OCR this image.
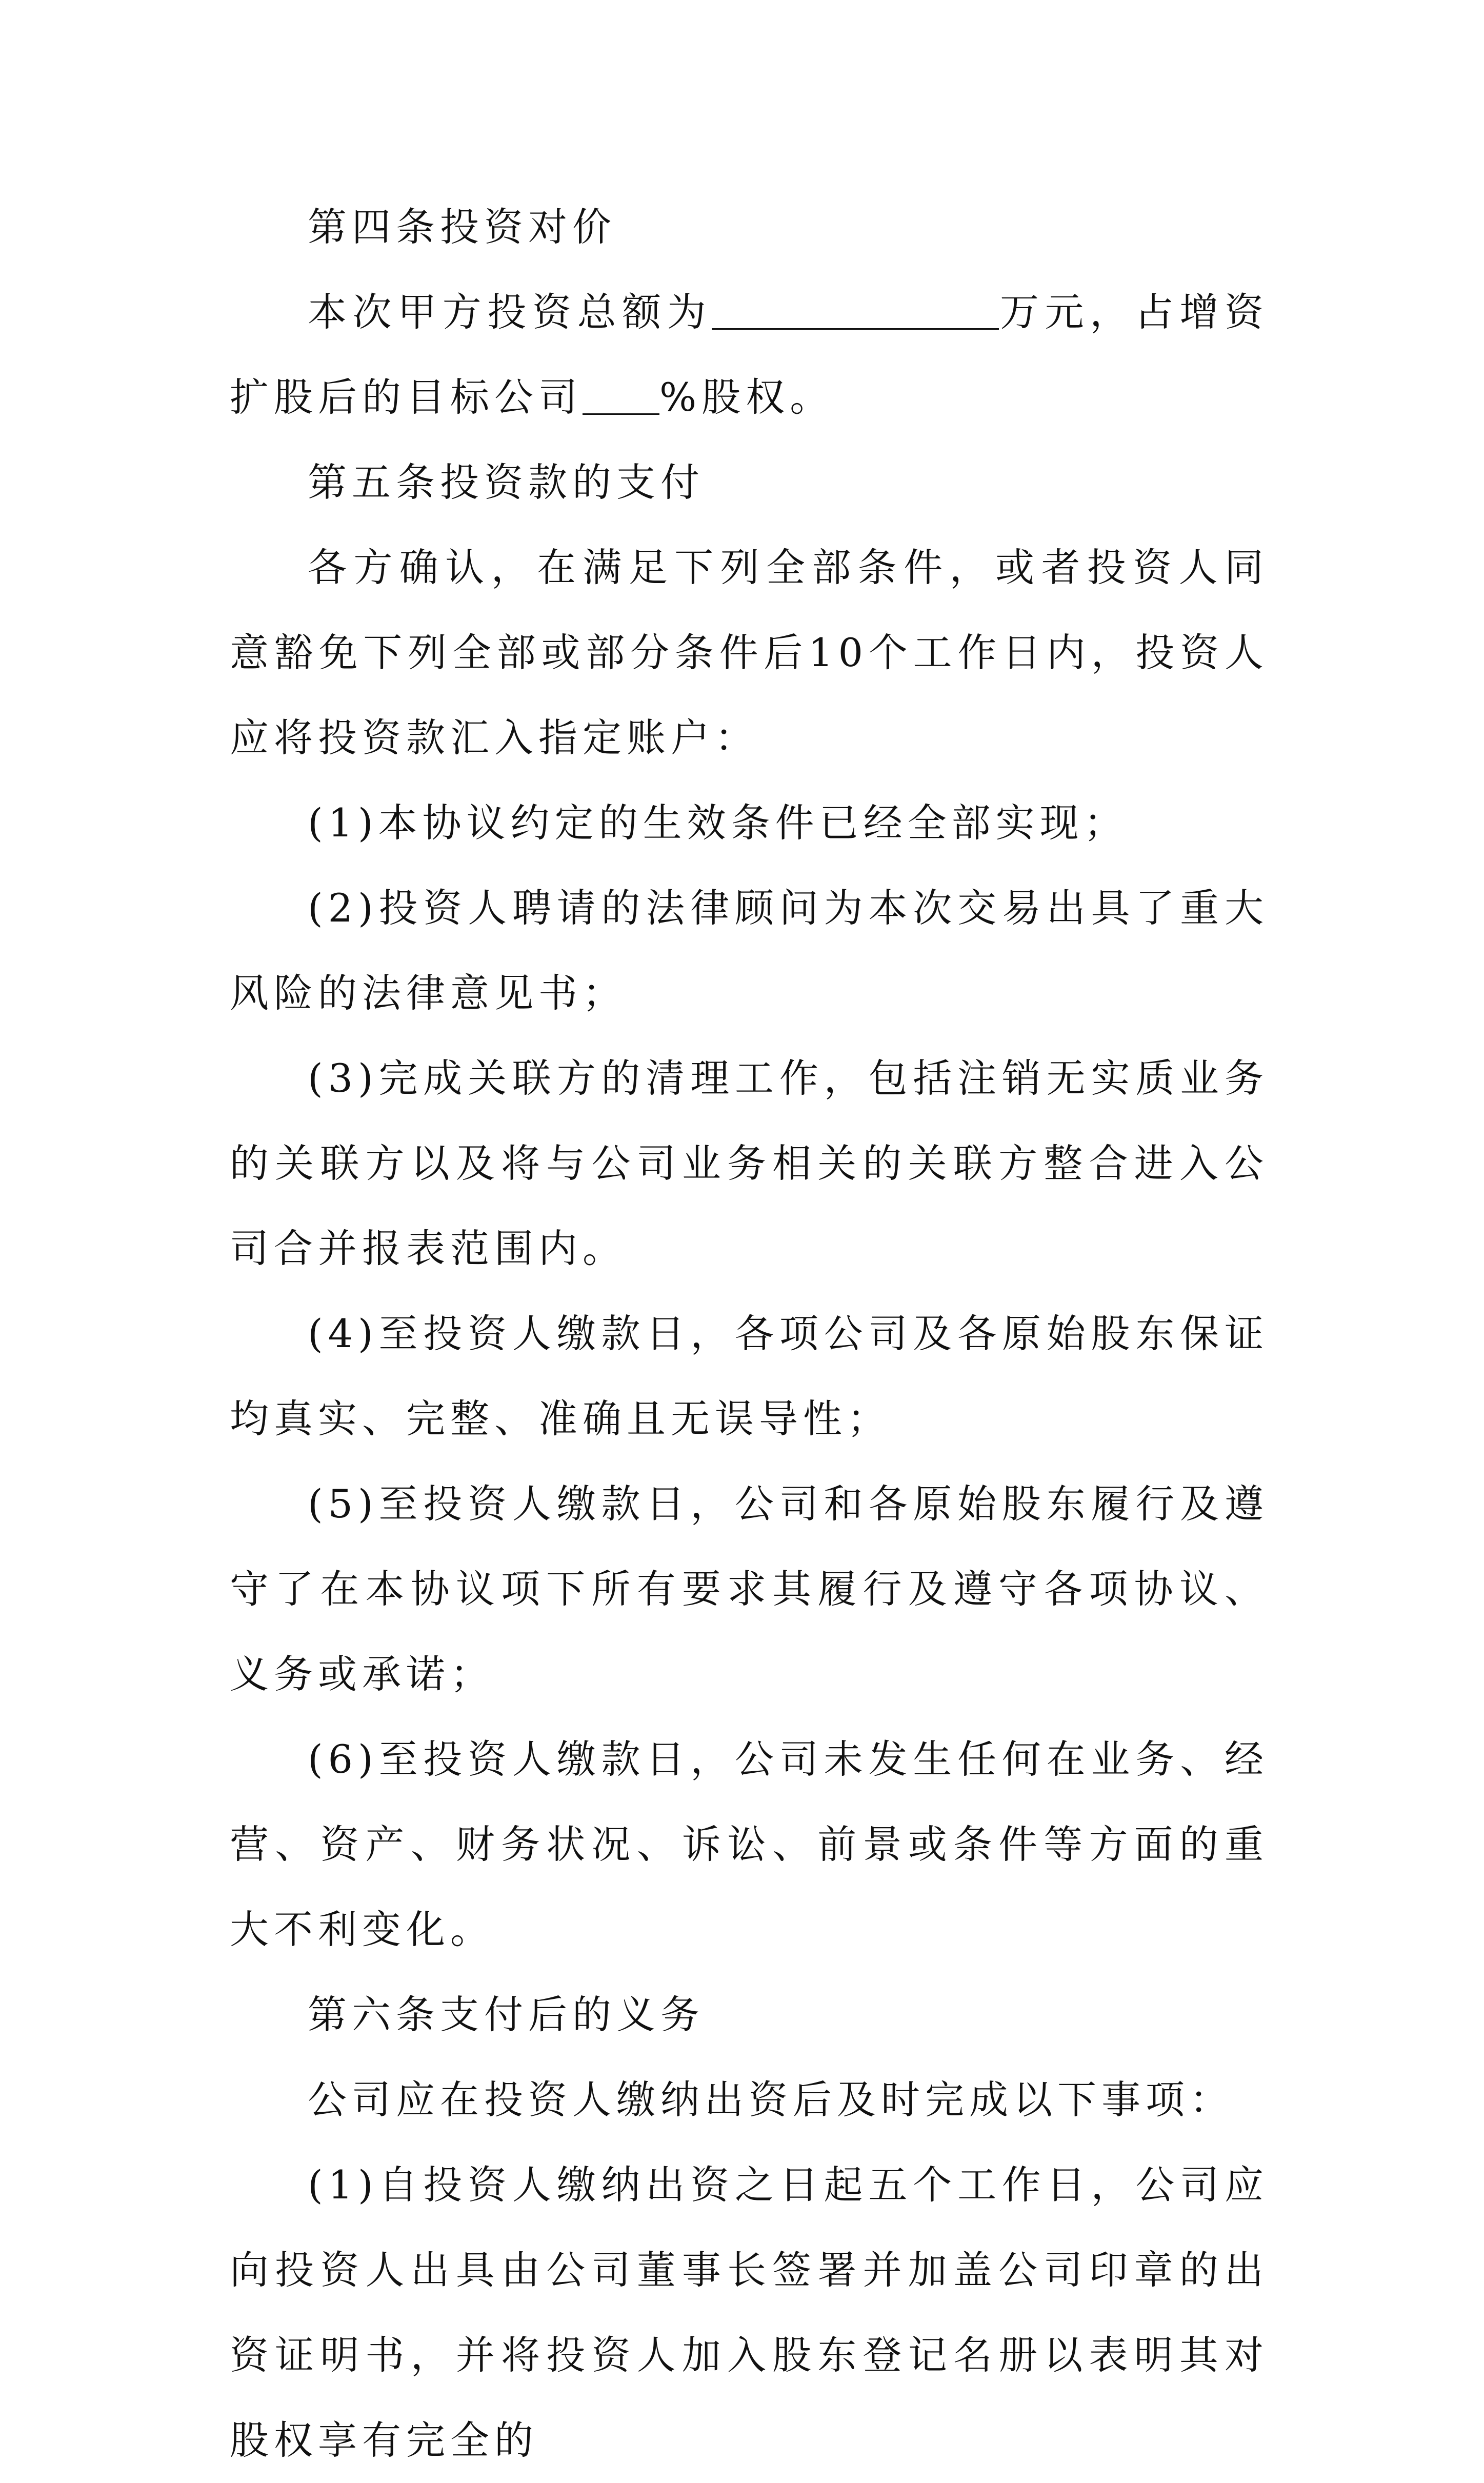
第四条投资对价

本次甲方投资总额为	万元，占增资扩股后的目标公司 %股权。

第五条投资款的支付

各方确认，在满足下列全部条件，或者投资人同意豁免下列全部或部分条件后10个工作日内，投资人应将投资款汇入指定账户：

(1)本协议约定的生效条件已经全部实现；

(2)投资人聘请的法律顾问为本次交易出具了重大风险的法律意见书；

(3)完成关联方的清理工作，包括注销无实质业务的关联方以及将与公司业务相关的关联方整合进入公司合并报表范围内。

(4)至投资人缴款日，各项公司及各原始股东保证均真实、完整、准确且无误导性；

(5)至投资人缴款日，公司和各原始股东履行及遵守了在本协议项下所有要求其履行及遵守各项协议、义务或承诺；

(6)至投资人缴款日，公司未发生任何在业务、经营、资产、财务状况、诉讼、前景或条件等方面的重大不利变化。

第六条支付后的义务

公司应在投资人缴纳出资后及时完成以下事项：

(1)自投资人缴纳出资之日起五个工作日，公司应向投资人出具由公司董事长签署并加盖公司印章的出资证明书，并将投资人加入股东登记名册以表明其对股权享有完全的
